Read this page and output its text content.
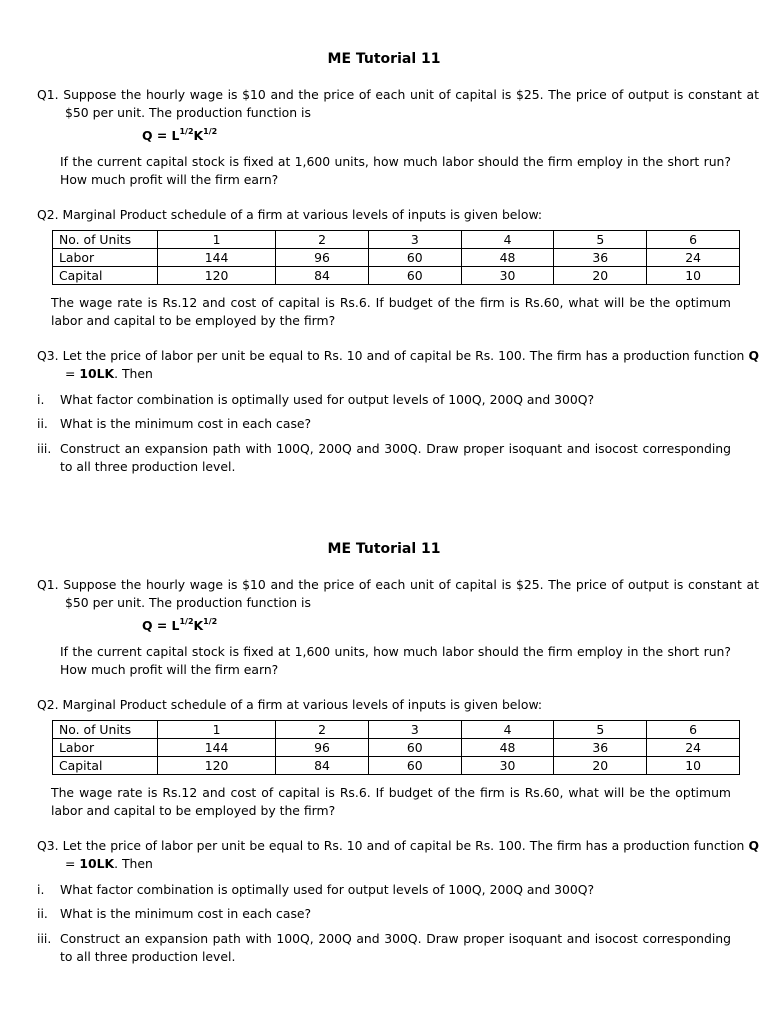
ME Tutorial 11
Q1. Suppose the hourly wage is $10 and the price of each unit of capital is $25. The price of output is constant at $50 per unit. The production function is
$Q = L^{1/2}K^{1/2}$
If the current capital stock is fixed at 1,600 units, how much labor should the firm employ in the short run? How much profit will the firm earn?
Q2. Marginal Product schedule of a firm at various levels of inputs is given below:
No. of Units	1	2	3	4	5	6
Labor	144	96	60	48	36	24
Capital	120	84	60	30	20	10
The wage rate is Rs.12 and cost of capital is Rs.6. If budget of the firm is Rs.60, what will be the optimum labor and capital to be employed by the firm?
Q3. Let the price of labor per unit be equal to Rs. 10 and of capital be Rs. 100. The firm has a production function Q = 10LK. Then
i.	What factor combination is optimally used for output levels of 100Q, 200Q and 300Q?
ii. What is the minimum cost in each case?
iii. Construct an expansion path with 100Q, 200Q and 300Q. Draw proper isoquant and isocost corresponding to all three production level.
ME Tutorial 11
Q1. Suppose the hourly wage is $10 and the price of each unit of capital is $25. The price of output is constant at $50 per unit. The production function is
$Q = L^{1/2}K^{1/2}$
If the current capital stock is fixed at 1,600 units, how much labor should the firm employ in the short run? How much profit will the firm earn?
Q2. Marginal Product schedule of a firm at various levels of inputs is given below:
No. of Units	1	2	3	4	5	6
Labor	144	96	60	48	36	24
Capital	120	84	60	30	20	10
The wage rate is Rs.12 and cost of capital is Rs.6. If budget of the firm is Rs.60, what will be the optimum labor and capital to be employed by the firm?
Q3. Let the price of labor per unit be equal to Rs. 10 and of capital be Rs. 100. The firm has a production function Q = 10LK. Then
i.	What factor combination is optimally used for output levels of 100Q, 200Q and 300Q?
ii. What is the minimum cost in each case?
iii. Construct an expansion path with 100Q, 200Q and 300Q. Draw proper isoquant and isocost corresponding to all three production level.
